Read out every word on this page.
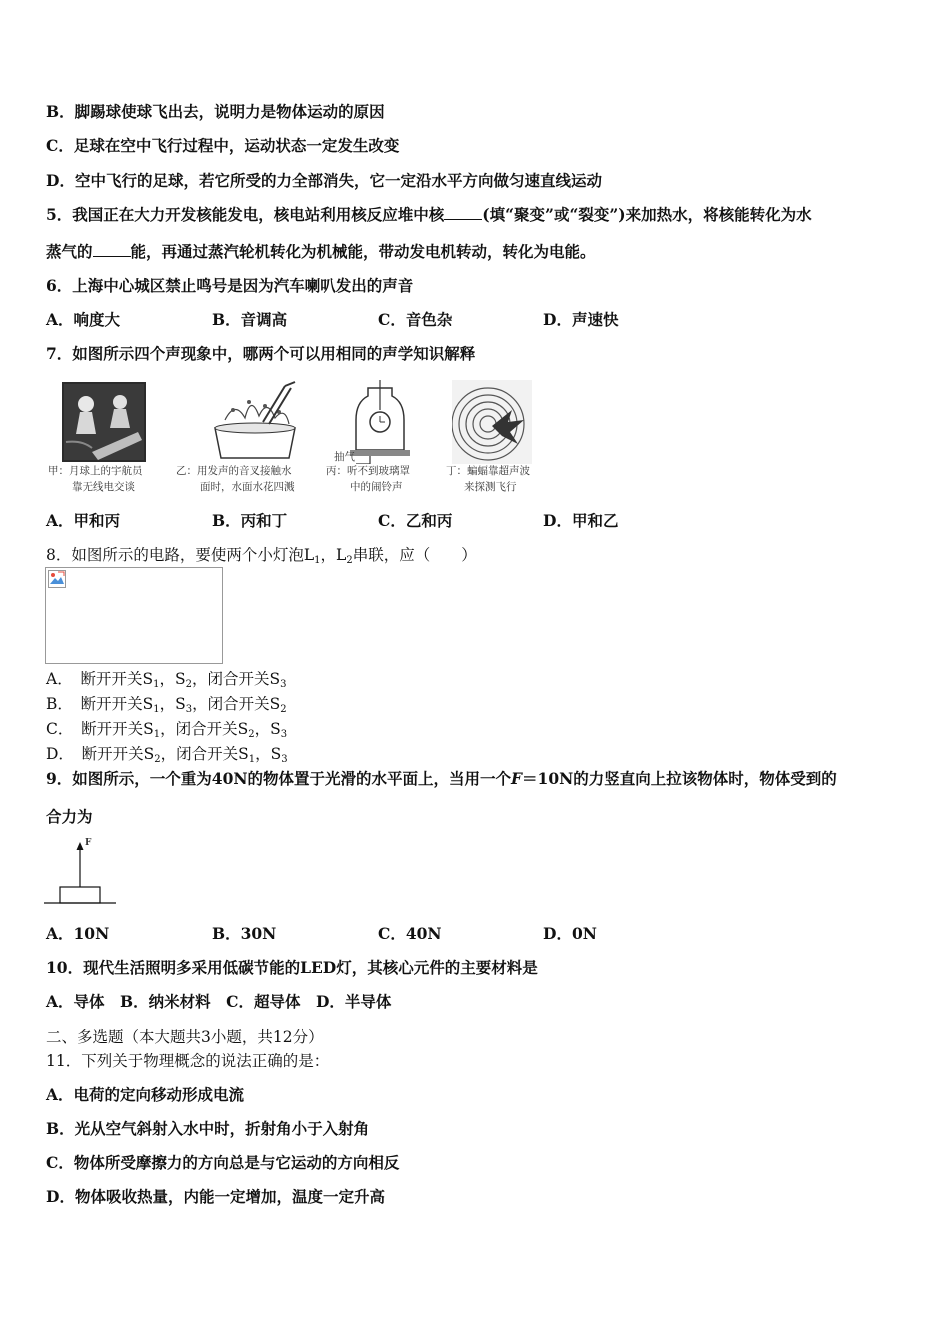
B．脚踢球使球飞出去，说明力是物体运动的原因
C．足球在空中飞行过程中，运动状态一定发生改变
D．空中飞行的足球，若它所受的力全部消失，它一定沿水平方向做匀速直线运动
5．我国正在大力开发核能发电，核电站利用核反应堆中核 (填“聚变”或“裂变”)来加热水，将核能转化为水
蒸气的 能，再通过蒸汽轮机转化为机械能，带动发电机转动，转化为电能。
6．上海中心城区禁止鸣号是因为汽车喇叭发出的声音
A．响度大	B．音调高	C．音色杂	D．声速快
7．如图所示四个声现象中，哪两个可以用相同的声学知识解释
甲：月球上的宇航员
靠无线电交谈
乙：用发声的音叉接触水
面时，水面水花四溅
抽气
丙：听不到玻璃罩
中的闹铃声
丁：蝙蝠靠超声波
来探测飞行
A．甲和丙	B．丙和丁	C．乙和丙	D．甲和乙
8．如图所示的电路，要使两个小灯泡$L_1$，$L_2$串联，应（　　）
A．　断开开关$S_1$，$S_2$，闭合开关$S_3$
B．　断开开关$S_1$，$S_3$，闭合开关$S_2$
C．　断开开关$S_1$，闭合开关$S_2$，$S_3$
D．　断开开关$S_2$，闭合开关$S_1$，$S_3$
9．如图所示，一个重为40N的物体置于光滑的水平面上，当用一个F＝10N的力竖直向上拉该物体时，物体受到的
合力为
F
A．10N	B．30N	C．40N	D．0N
10．现代生活照明多采用低碳节能的LED灯，其核心元件的主要材料是
A．导体　B．纳米材料　C．超导体　D．半导体
二、多选题（本大题共3小题，共12分）
11．下列关于物理概念的说法正确的是：
A．电荷的定向移动形成电流
B．光从空气斜射入水中时，折射角小于入射角
C．物体所受摩擦力的方向总是与它运动的方向相反
D．物体吸收热量，内能一定增加，温度一定升高
